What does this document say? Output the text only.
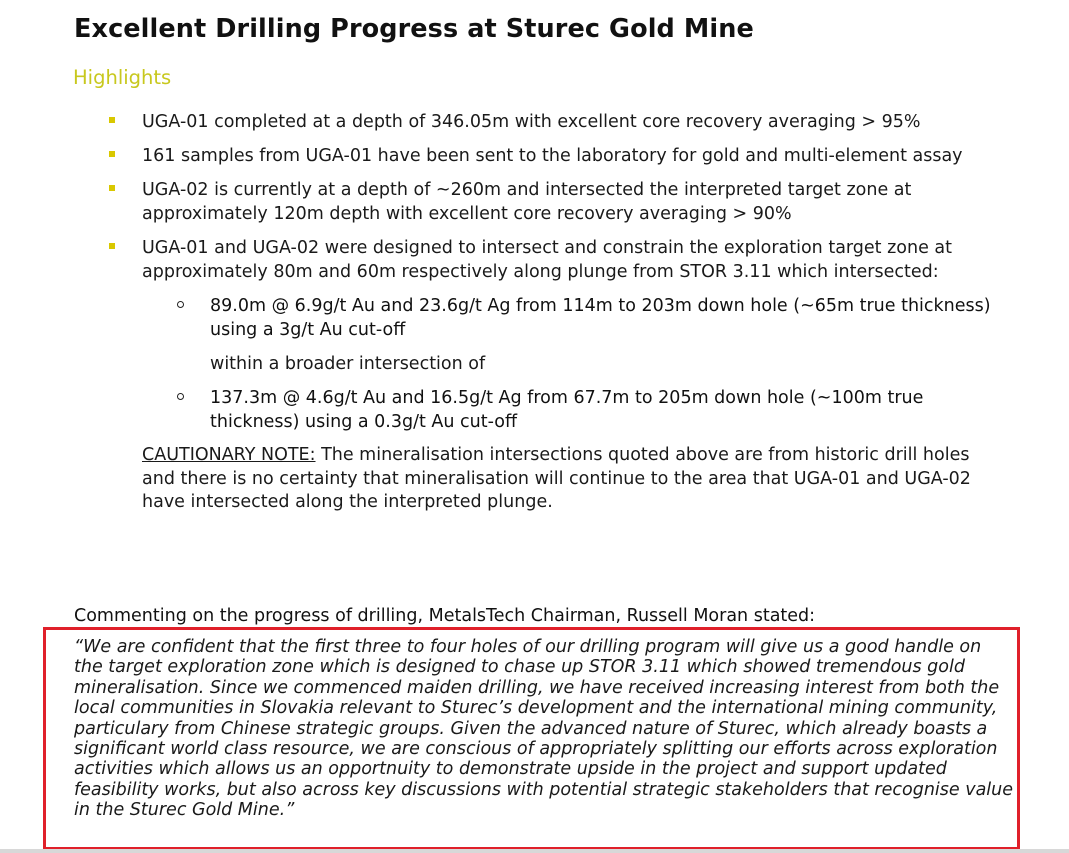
Excellent Drilling Progress at Sturec Gold Mine
Highlights
UGA-01 completed at a depth of 346.05m with excellent core recovery averaging > 95%
161 samples from UGA-01 have been sent to the laboratory for gold and multi-element assay
UGA-02 is currently at a depth of ~260m and intersected the interpreted target zone at approximately 120m depth with excellent core recovery averaging > 90%
UGA-01 and UGA-02 were designed to intersect and constrain the exploration target zone at approximately 80m and 60m respectively along plunge from STOR 3.11 which intersected:
89.0m @ 6.9g/t Au and 23.6g/t Ag from 114m to 203m down hole (~65m true thickness) using a 3g/t Au cut-off
within a broader intersection of
137.3m @ 4.6g/t Au and 16.5g/t Ag from 67.7m to 205m down hole (~100m true thickness) using a 0.3g/t Au cut-off
CAUTIONARY NOTE: The mineralisation intersections quoted above are from historic drill holes and there is no certainty that mineralisation will continue to the area that UGA-01 and UGA-02 have intersected along the interpreted plunge.

Commenting on the progress of drilling, MetalsTech Chairman, Russell Moran stated:

“We are confident that the first three to four holes of our drilling program will give us a good handle on the target exploration zone which is designed to chase up STOR 3.11 which showed tremendous gold mineralisation. Since we commenced maiden drilling, we have received increasing interest from both the local communities in Slovakia relevant to Sturec’s development and the international mining community, particulary from Chinese strategic groups. Given the advanced nature of Sturec, which already boasts a significant world class resource, we are conscious of appropriately splitting our efforts across exploration activities which allows us an opportnuity to demonstrate upside in the project and support updated feasibility works, but also across key discussions with potential strategic stakeholders that recognise value in the Sturec Gold Mine.”
